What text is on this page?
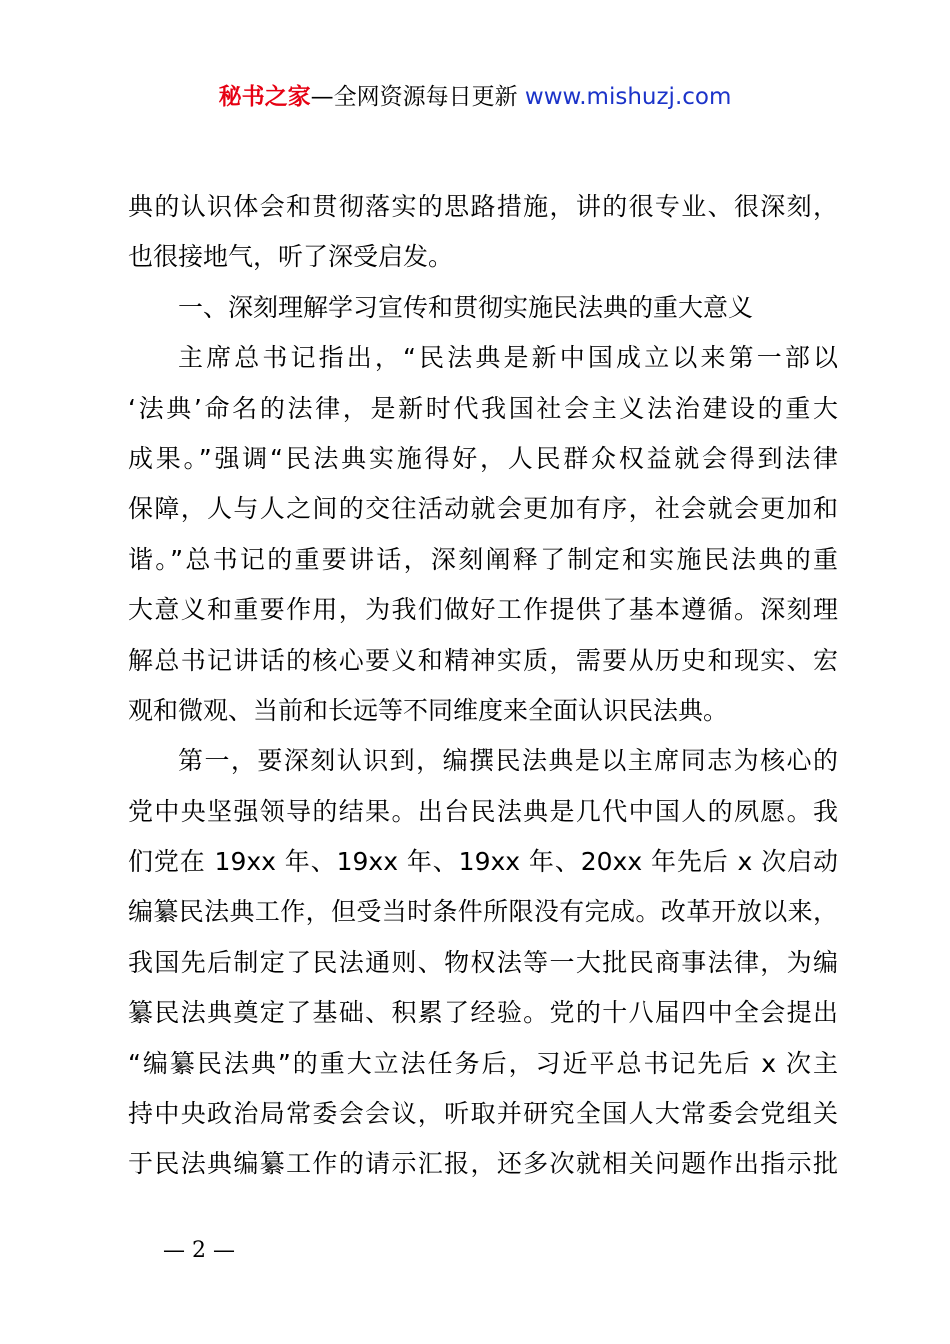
秘书之家—全网资源每日更新 www.mishuzj.com
典的认识体会和贯彻落实的思路措施，讲的很专业、很深刻，
也很接地气，听了深受启发。
一、深刻理解学习宣传和贯彻实施民法典的重大意义
主席总书记指出，“民法典是新中国成立以来第一部以
‘法典’命名的法律，是新时代我国社会主义法治建设的重大
成果。”强调“民法典实施得好，人民群众权益就会得到法律
保障，人与人之间的交往活动就会更加有序，社会就会更加和
谐。”总书记的重要讲话，深刻阐释了制定和实施民法典的重
大意义和重要作用，为我们做好工作提供了基本遵循。深刻理
解总书记讲话的核心要义和精神实质，需要从历史和现实、宏
观和微观、当前和长远等不同维度来全面认识民法典。
第一，要深刻认识到，编撰民法典是以主席同志为核心的
党中央坚强领导的结果。出台民法典是几代中国人的夙愿。我
们党在 19xx 年、19xx 年、19xx 年、20xx 年先后 x 次启动
编纂民法典工作，但受当时条件所限没有完成。改革开放以来，
我国先后制定了民法通则、物权法等一大批民商事法律，为编
纂民法典奠定了基础、积累了经验。党的十八届四中全会提出
“编纂民法典”的重大立法任务后，习近平总书记先后 x 次主
持中央政治局常委会会议，听取并研究全国人大常委会党组关
于民法典编纂工作的请示汇报，还多次就相关问题作出指示批
— 2 —
